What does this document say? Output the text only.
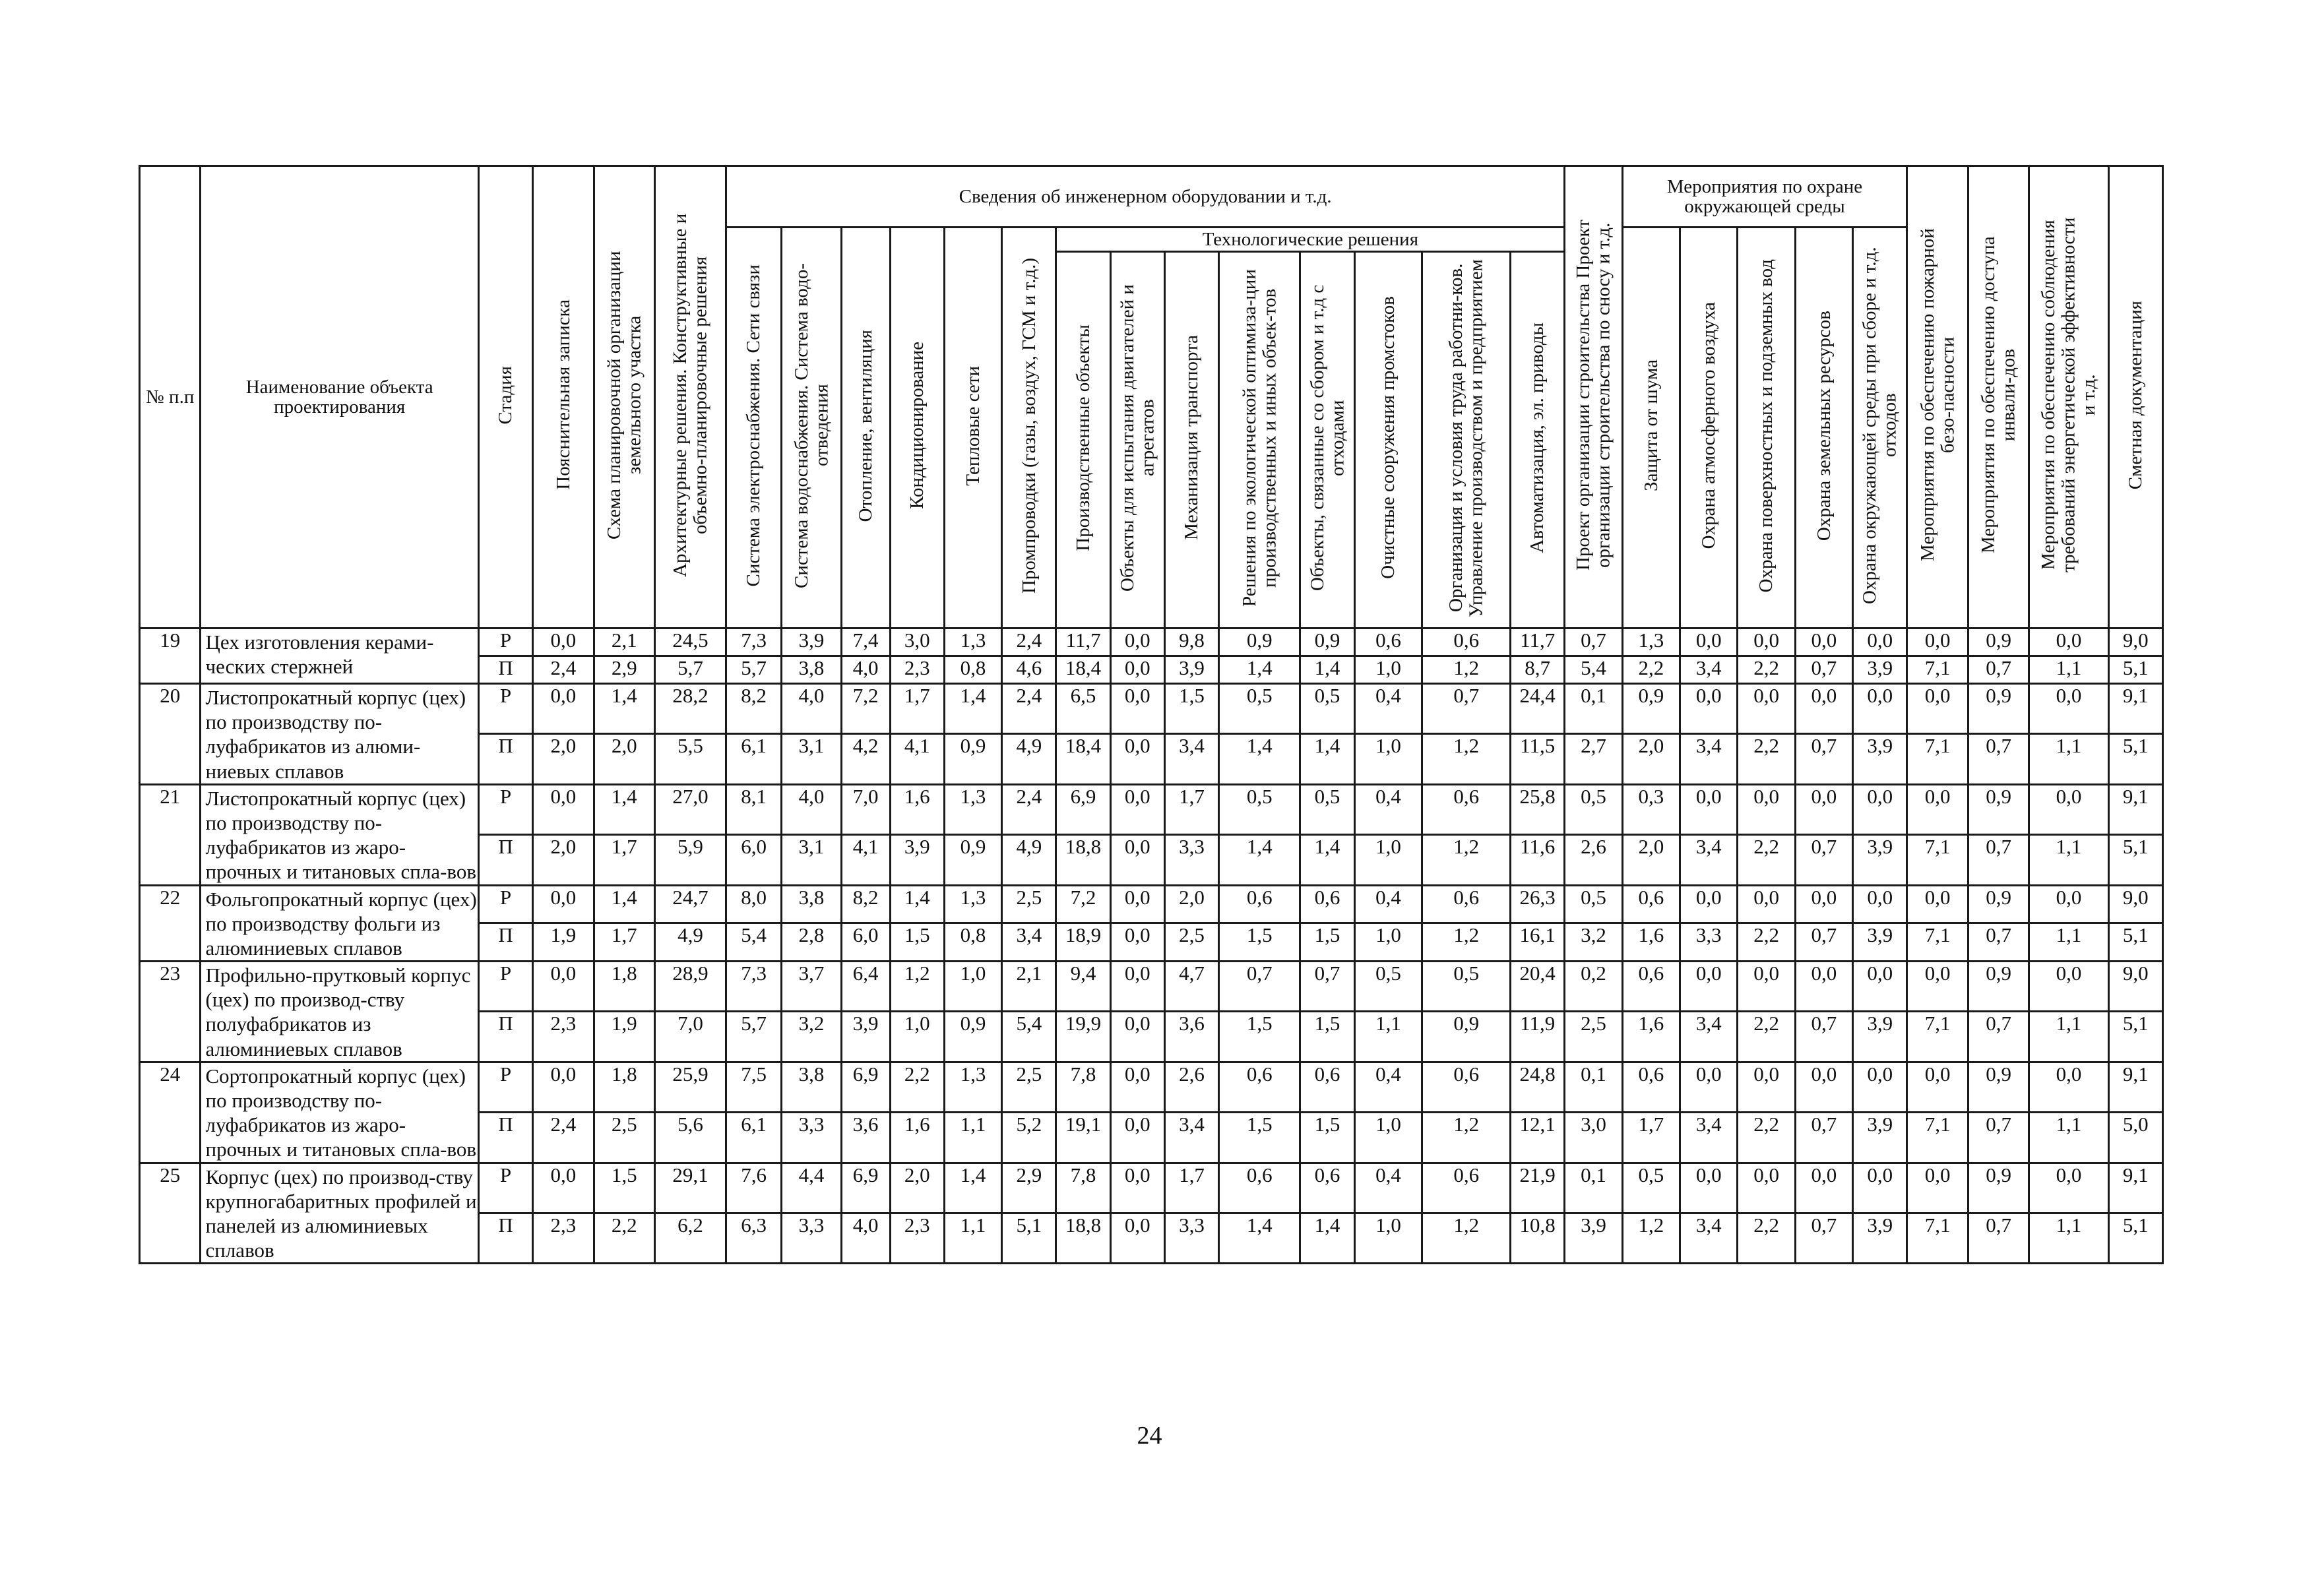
№ п.п	Наименование объекта проектирования	Стадия	Пояснительная записка	Схема планировочной организации земельного участка	Архитектурные решения. Конструктивные и объемно-планировочные решения	Сведения об инженерном оборудовании и т.д.														Проект организации строительства Проект организации строительства по сносу и т.д.	Мероприятия по охране окружающей среды					Мероприятия по обеспечению пожарной безо-пасности	Мероприятия по обеспечению доступа инвали-дов	Мероприятия по обеспечению соблюдения требований энергетической эффективности и т.д.	Сметная документация
						Система электроснабжения. Сети связи	Система водоснабжения. Система водо-отведения	Отопление, вентиляция	Кондиционирование	Тепловые сети	Промпроводки (газы, воздух, ГСМ и т.д.)	Технологические решения									Защита от шума	Охрана атмосферного воздуха	Охрана поверхностных и подземных вод	Охрана земельных ресурсов	Охрана окружающей среды при сборе и т.д. отходов				
												Производственные объекты	Объекты для испытания двигателей и агрегатов	Механизация транспорта	Решения по экологической оптимиза-ции производственных и иных объек-тов	Объекты, связанные со сбором и т.д с отходами	Очистные сооружения промстоков	Организация и условия труда работни-ков. Управление производством и предприятием	Автоматизация, эл. приводы										
19	Цех изготовления керами-ческих стержней	Р	0,0	2,1	24,5	7,3	3,9	7,4	3,0	1,3	2,4	11,7	0,0	9,8	0,9	0,9	0,6	0,6	11,7	0,7	1,3	0,0	0,0	0,0	0,0	0,0	0,9	0,0	9,0
		П	2,4	2,9	5,7	5,7	3,8	4,0	2,3	0,8	4,6	18,4	0,0	3,9	1,4	1,4	1,0	1,2	8,7	5,4	2,2	3,4	2,2	0,7	3,9	7,1	0,7	1,1	5,1
20	Листопрокатный корпус (цех) по производству по-луфабрикатов из алюми-ниевых сплавов	Р	0,0	1,4	28,2	8,2	4,0	7,2	1,7	1,4	2,4	6,5	0,0	1,5	0,5	0,5	0,4	0,7	24,4	0,1	0,9	0,0	0,0	0,0	0,0	0,0	0,9	0,0	9,1
		П	2,0	2,0	5,5	6,1	3,1	4,2	4,1	0,9	4,9	18,4	0,0	3,4	1,4	1,4	1,0	1,2	11,5	2,7	2,0	3,4	2,2	0,7	3,9	7,1	0,7	1,1	5,1
21	Листопрокатный корпус (цех) по производству по-луфабрикатов из жаро-прочных и титановых спла-вов	Р	0,0	1,4	27,0	8,1	4,0	7,0	1,6	1,3	2,4	6,9	0,0	1,7	0,5	0,5	0,4	0,6	25,8	0,5	0,3	0,0	0,0	0,0	0,0	0,0	0,9	0,0	9,1
		П	2,0	1,7	5,9	6,0	3,1	4,1	3,9	0,9	4,9	18,8	0,0	3,3	1,4	1,4	1,0	1,2	11,6	2,6	2,0	3,4	2,2	0,7	3,9	7,1	0,7	1,1	5,1
22	Фольгопрокатный корпус (цех) по производству фольги из алюминиевых сплавов	Р	0,0	1,4	24,7	8,0	3,8	8,2	1,4	1,3	2,5	7,2	0,0	2,0	0,6	0,6	0,4	0,6	26,3	0,5	0,6	0,0	0,0	0,0	0,0	0,0	0,9	0,0	9,0
		П	1,9	1,7	4,9	5,4	2,8	6,0	1,5	0,8	3,4	18,9	0,0	2,5	1,5	1,5	1,0	1,2	16,1	3,2	1,6	3,3	2,2	0,7	3,9	7,1	0,7	1,1	5,1
23	Профильно-прутковый корпус (цех) по производ-ству полуфабрикатов из алюминиевых сплавов	Р	0,0	1,8	28,9	7,3	3,7	6,4	1,2	1,0	2,1	9,4	0,0	4,7	0,7	0,7	0,5	0,5	20,4	0,2	0,6	0,0	0,0	0,0	0,0	0,0	0,9	0,0	9,0
		П	2,3	1,9	7,0	5,7	3,2	3,9	1,0	0,9	5,4	19,9	0,0	3,6	1,5	1,5	1,1	0,9	11,9	2,5	1,6	3,4	2,2	0,7	3,9	7,1	0,7	1,1	5,1
24	Сортопрокатный корпус (цех) по производству по-луфабрикатов из жаро-прочных и титановых спла-вов	Р	0,0	1,8	25,9	7,5	3,8	6,9	2,2	1,3	2,5	7,8	0,0	2,6	0,6	0,6	0,4	0,6	24,8	0,1	0,6	0,0	0,0	0,0	0,0	0,0	0,9	0,0	9,1
		П	2,4	2,5	5,6	6,1	3,3	3,6	1,6	1,1	5,2	19,1	0,0	3,4	1,5	1,5	1,0	1,2	12,1	3,0	1,7	3,4	2,2	0,7	3,9	7,1	0,7	1,1	5,0
25	Корпус (цех) по производ-ству крупногабаритных профилей и панелей из алюминиевых сплавов	Р	0,0	1,5	29,1	7,6	4,4	6,9	2,0	1,4	2,9	7,8	0,0	1,7	0,6	0,6	0,4	0,6	21,9	0,1	0,5	0,0	0,0	0,0	0,0	0,0	0,9	0,0	9,1
		П	2,3	2,2	6,2	6,3	3,3	4,0	2,3	1,1	5,1	18,8	0,0	3,3	1,4	1,4	1,0	1,2	10,8	3,9	1,2	3,4	2,2	0,7	3,9	7,1	0,7	1,1	5,1
24
